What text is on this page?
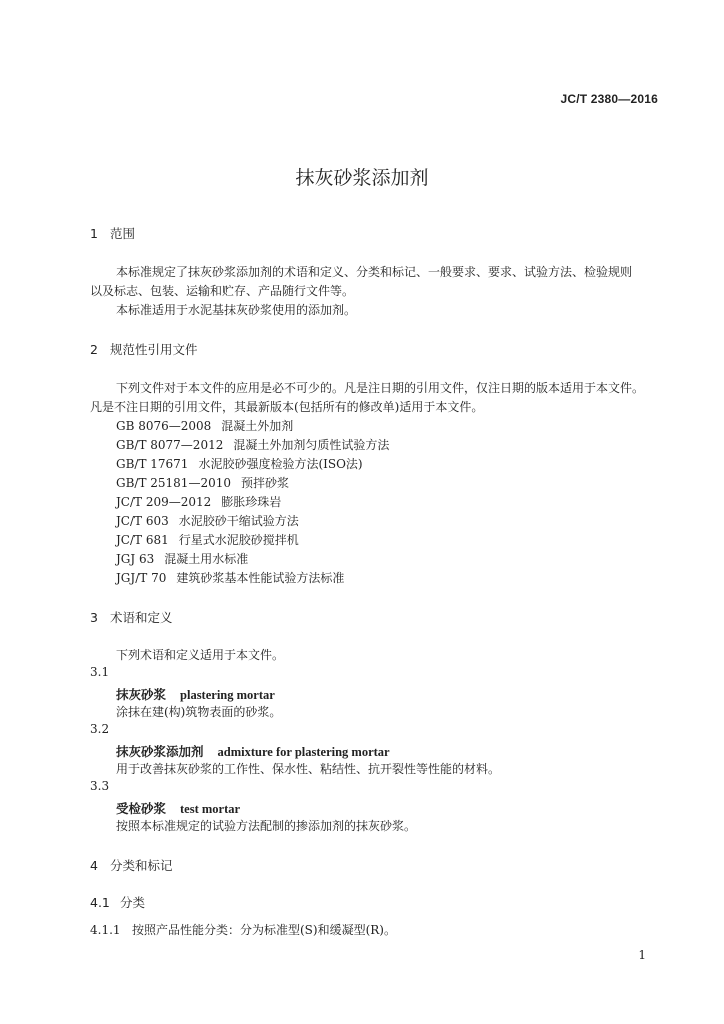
JC/T 2380—2016
抹灰砂浆添加剂
1 范围
本标准规定了抹灰砂浆添加剂的术语和定义、分类和标记、一般要求、要求、试验方法、检验规则
以及标志、包装、运输和贮存、产品随行文件等。
本标准适用于水泥基抹灰砂浆使用的添加剂。
2 规范性引用文件
下列文件对于本文件的应用是必不可少的。凡是注日期的引用文件，仅注日期的版本适用于本文件。
凡是不注日期的引用文件，其最新版本(包括所有的修改单)适用于本文件。
GB 8076—2008 混凝土外加剂
GB/T 8077—2012 混凝土外加剂匀质性试验方法
GB/T 17671 水泥胶砂强度检验方法(ISO法)
GB/T 25181—2010 预拌砂浆
JC/T 209—2012 膨胀珍珠岩
JC/T 603 水泥胶砂干缩试验方法
JC/T 681 行星式水泥胶砂搅拌机
JGJ 63 混凝土用水标准
JGJ/T 70 建筑砂浆基本性能试验方法标准
3 术语和定义
下列术语和定义适用于本文件。
3.1
抹灰砂浆 plastering mortar
涂抹在建(构)筑物表面的砂浆。
3.2
抹灰砂浆添加剂 admixture for plastering mortar
用于改善抹灰砂浆的工作性、保水性、粘结性、抗开裂性等性能的材料。
3.3
受检砂浆 test mortar
按照本标准规定的试验方法配制的掺添加剂的抹灰砂浆。
4 分类和标记
4.1 分类
4.1.1 按照产品性能分类：分为标准型(S)和缓凝型(R)。
1
